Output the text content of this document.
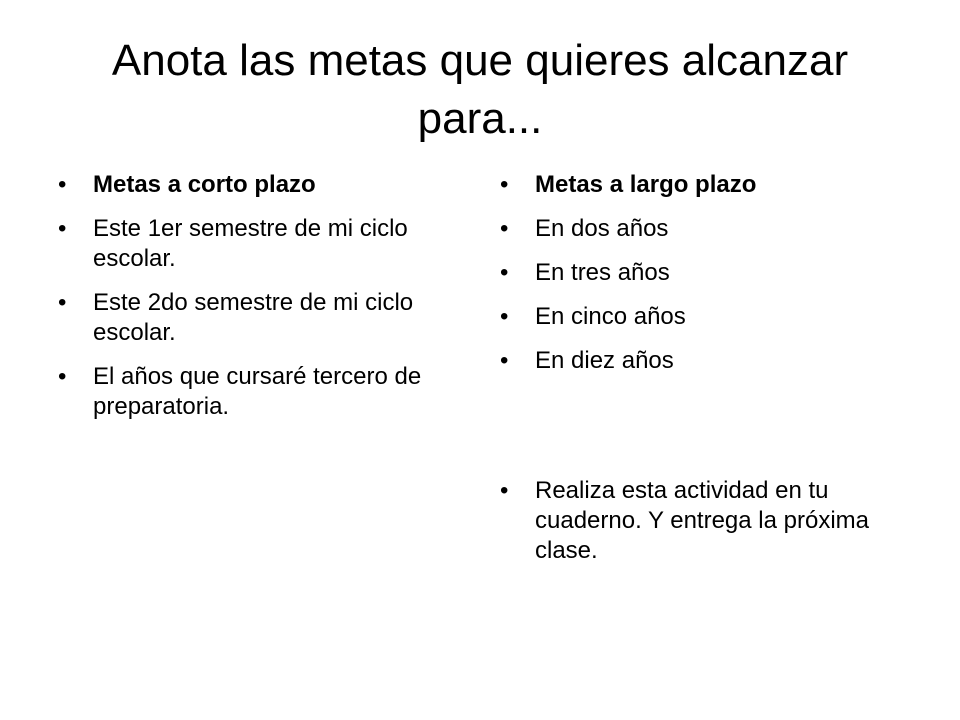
Anota las metas que quieres alcanzar para...
• Metas a corto plazo
• Este 1er semestre de mi ciclo escolar.
• Este 2do semestre de mi ciclo escolar.
• El años que cursaré tercero de preparatoria.
• Metas a largo plazo
• En dos años
• En tres años
• En cinco años
• En diez años
• Realiza esta actividad en tu cuaderno. Y entrega la próxima clase.
